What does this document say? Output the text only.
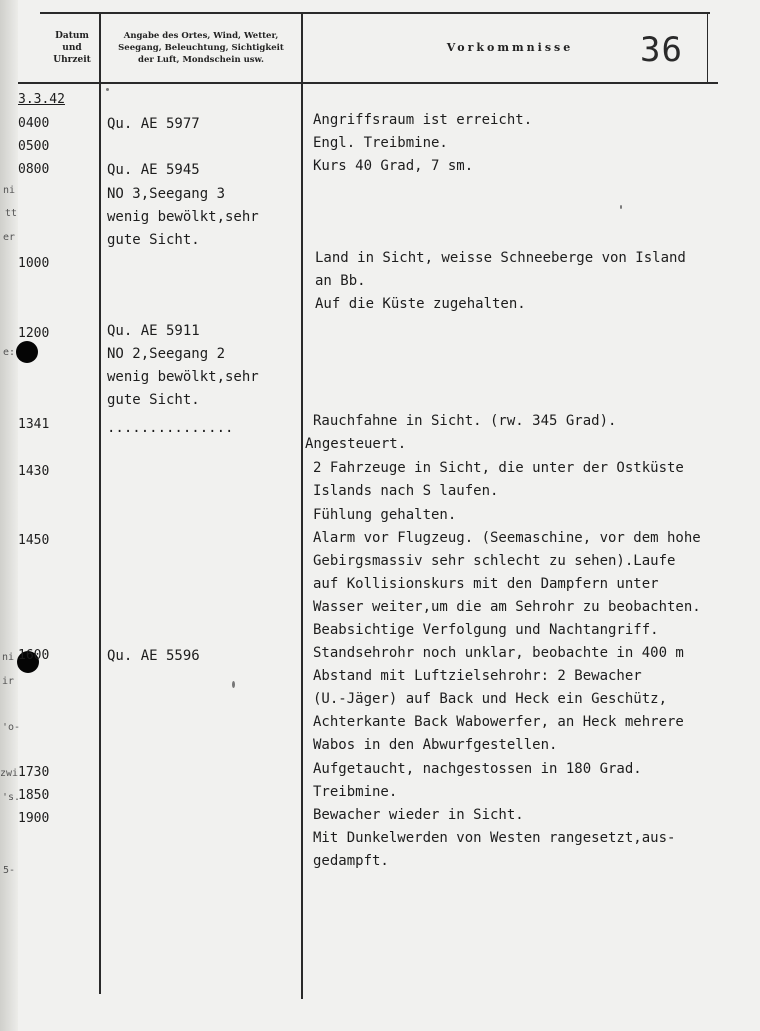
Datum
und
Uhrzeit
Angabe des Ortes, Wind, Wetter,
Seegang, Beleuchtung, Sichtigkeit
der Luft, Mondschein usw.
Vorkommnisse	36
ni
tt
er
e:
ni
ir
'o-
zwi
's.
5-
3.3.42
0400
0500
0800
1000
1200
1341
1430
1450
1600
1730
1850
1900
Qu. AE 5977
Qu. AE 5945
NO 3,Seegang 3
wenig bewölkt,sehr
gute Sicht.
Qu. AE 5911
NO 2,Seegang 2
wenig bewölkt,sehr
gute Sicht.
...............
Qu. AE 5596
Angriffsraum ist erreicht.
Engl. Treibmine.
Kurs 40 Grad, 7 sm.
Land in Sicht, weisse Schneeberge von Island
an Bb.
Auf die Küste zugehalten.
Rauchfahne in Sicht. (rw. 345 Grad).
Angesteuert.
2 Fahrzeuge in Sicht, die unter der Ostküste
Islands nach S laufen.
Fühlung gehalten.
Alarm vor Flugzeug. (Seemaschine, vor dem hohe
Gebirgsmassiv sehr schlecht zu sehen).Laufe
auf Kollisionskurs mit den Dampfern unter
Wasser weiter,um die am Sehrohr zu beobachten.
Beabsichtige Verfolgung und Nachtangriff.
Standsehrohr noch unklar, beobachte in 400 m
Abstand mit Luftzielsehrohr: 2 Bewacher
(U.-Jäger) auf Back und Heck ein Geschütz,
Achterkante Back Wabowerfer, an Heck mehrere
Wabos in den Abwurfgestellen.
Aufgetaucht, nachgestossen in 180 Grad.
Treibmine.
Bewacher wieder in Sicht.
Mit Dunkelwerden von Westen rangesetzt,aus-
gedampft.
